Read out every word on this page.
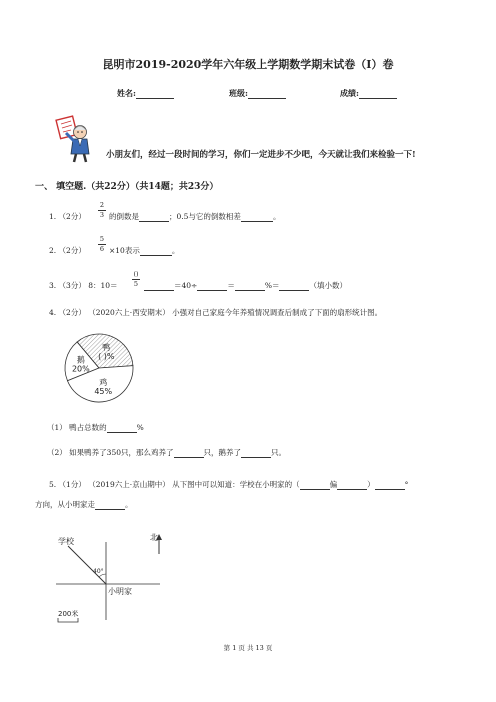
昆明市2019-2020学年六年级上学期数学期末试卷（I）卷
姓名:	班级:	成绩:
小朋友们，经过一段时间的学习，你们一定进步不少吧，今天就让我们来检验一下!
一、 填空题.（共22分）（共14题；共23分）
1. （2分）
2
3 的倒数是	；0.5与它的倒数相差	。
2. （2分）
5
6 ×10表示	。
3. （3分） 8：10＝
()
5	＝40÷	＝	%＝	（填小数）
4. （2分） （2020六上·西安期末） 小强对自己家庭今年养殖情况调查后制成了下面的扇形统计图。
鹅
20%
鸭
( )%
鸡
45%
（1） 鸭占总数的	%
（2） 如果鸭养了350只，那么鸡养了	只，鹅养了	只。
5. （1分） （2019六上·京山期中） 从下图中可以知道：学校在小明家的（	偏	）	°
方向，从小明家走	。
北
40°
学校
小明家
200米
第 1 页 共 13 页
